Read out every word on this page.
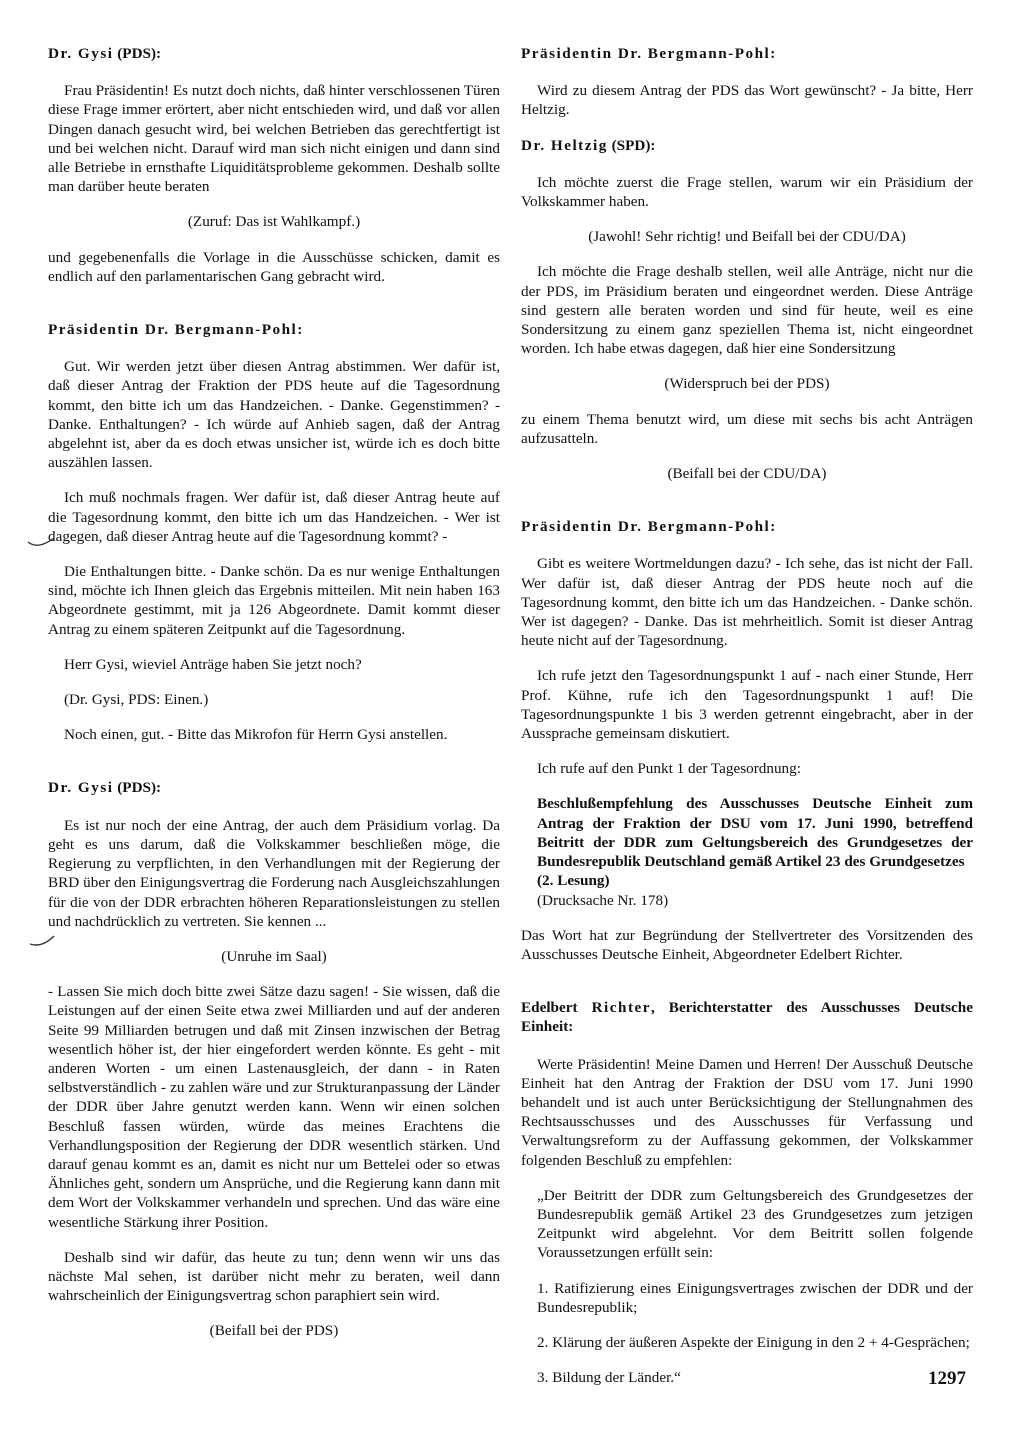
Dr. Gysi (PDS):
Frau Präsidentin! Es nutzt doch nichts, daß hinter verschlossenen Türen diese Frage immer erörtert, aber nicht entschieden wird, und daß vor allen Dingen danach gesucht wird, bei welchen Betrieben das gerechtfertigt ist und bei welchen nicht. Darauf wird man sich nicht einigen und dann sind alle Betriebe in ernsthafte Liquiditätsprobleme gekommen. Deshalb sollte man darüber heute beraten
(Zuruf: Das ist Wahlkampf.)
und gegebenenfalls die Vorlage in die Ausschüsse schicken, damit es endlich auf den parlamentarischen Gang gebracht wird.
Präsidentin Dr. Bergmann-Pohl:
Gut. Wir werden jetzt über diesen Antrag abstimmen. Wer dafür ist, daß dieser Antrag der Fraktion der PDS heute auf die Tagesordnung kommt, den bitte ich um das Handzeichen. - Danke. Gegenstimmen? - Danke. Enthaltungen? - Ich würde auf Anhieb sagen, daß der Antrag abgelehnt ist, aber da es doch etwas unsicher ist, würde ich es doch bitte auszählen lassen.
Ich muß nochmals fragen. Wer dafür ist, daß dieser Antrag heute auf die Tagesordnung kommt, den bitte ich um das Handzeichen. - Wer ist dagegen, daß dieser Antrag heute auf die Tagesordnung kommt? -
Die Enthaltungen bitte. - Danke schön. Da es nur wenige Enthaltungen sind, möchte ich Ihnen gleich das Ergebnis mitteilen. Mit nein haben 163 Abgeordnete gestimmt, mit ja 126 Abgeordnete. Damit kommt dieser Antrag zu einem späteren Zeitpunkt auf die Tagesordnung.
Herr Gysi, wieviel Anträge haben Sie jetzt noch?
(Dr. Gysi, PDS: Einen.)
Noch einen, gut. - Bitte das Mikrofon für Herrn Gysi anstellen.
Dr. Gysi (PDS):
Es ist nur noch der eine Antrag, der auch dem Präsidium vorlag. Da geht es uns darum, daß die Volkskammer beschließen möge, die Regierung zu verpflichten, in den Verhandlungen mit der Regierung der BRD über den Einigungsvertrag die Forderung nach Ausgleichszahlungen für die von der DDR erbrachten höheren Reparationsleistungen zu stellen und nachdrücklich zu vertreten. Sie kennen ...
(Unruhe im Saal)
- Lassen Sie mich doch bitte zwei Sätze dazu sagen! - Sie wissen, daß die Leistungen auf der einen Seite etwa zwei Milliarden und auf der anderen Seite 99 Milliarden betrugen und daß mit Zinsen inzwischen der Betrag wesentlich höher ist, der hier eingefordert werden könnte. Es geht - mit anderen Worten - um einen Lastenausgleich, der dann - in Raten selbstverständlich - zu zahlen wäre und zur Strukturanpassung der Länder der DDR über Jahre genutzt werden kann. Wenn wir einen solchen Beschluß fassen würden, würde das meines Erachtens die Verhandlungsposition der Regierung der DDR wesentlich stärken. Und darauf genau kommt es an, damit es nicht nur um Bettelei oder so etwas Ähnliches geht, sondern um Ansprüche, und die Regierung kann dann mit dem Wort der Volkskammer verhandeln und sprechen. Und das wäre eine wesentliche Stärkung ihrer Position.
Deshalb sind wir dafür, das heute zu tun; denn wenn wir uns das nächste Mal sehen, ist darüber nicht mehr zu beraten, weil dann wahrscheinlich der Einigungsvertrag schon paraphiert sein wird.
(Beifall bei der PDS)
Präsidentin Dr. Bergmann-Pohl:
Wird zu diesem Antrag der PDS das Wort gewünscht? - Ja bitte, Herr Heltzig.
Dr. Heltzig (SPD):
Ich möchte zuerst die Frage stellen, warum wir ein Präsidium der Volkskammer haben.
(Jawohl! Sehr richtig! und Beifall bei der CDU/DA)
Ich möchte die Frage deshalb stellen, weil alle Anträge, nicht nur die der PDS, im Präsidium beraten und eingeordnet werden. Diese Anträge sind gestern alle beraten worden und sind für heute, weil es eine Sondersitzung zu einem ganz speziellen Thema ist, nicht eingeordnet worden. Ich habe etwas dagegen, daß hier eine Sondersitzung
(Widerspruch bei der PDS)
zu einem Thema benutzt wird, um diese mit sechs bis acht Anträgen aufzusatteln.
(Beifall bei der CDU/DA)
Präsidentin Dr. Bergmann-Pohl:
Gibt es weitere Wortmeldungen dazu? - Ich sehe, das ist nicht der Fall. Wer dafür ist, daß dieser Antrag der PDS heute noch auf die Tagesordnung kommt, den bitte ich um das Handzeichen. - Danke schön. Wer ist dagegen? - Danke. Das ist mehrheitlich. Somit ist dieser Antrag heute nicht auf der Tagesordnung.
Ich rufe jetzt den Tagesordnungspunkt 1 auf - nach einer Stunde, Herr Prof. Kühne, rufe ich den Tagesordnungspunkt 1 auf! Die Tagesordnungspunkte 1 bis 3 werden getrennt eingebracht, aber in der Aussprache gemeinsam diskutiert.
Ich rufe auf den Punkt 1 der Tagesordnung:
Beschlußempfehlung des Ausschusses Deutsche Einheit zum Antrag der Fraktion der DSU vom 17. Juni 1990, betreffend Beitritt der DDR zum Geltungsbereich des Grundgesetzes der Bundesrepublik Deutschland gemäß Artikel 23 des Grundgesetzes
(2. Lesung)
(Drucksache Nr. 178)
Das Wort hat zur Begründung der Stellvertreter des Vorsitzenden des Ausschusses Deutsche Einheit, Abgeordneter Edelbert Richter.
Edelbert Richter, Berichterstatter des Ausschusses Deutsche Einheit:
Werte Präsidentin! Meine Damen und Herren! Der Ausschuß Deutsche Einheit hat den Antrag der Fraktion der DSU vom 17. Juni 1990 behandelt und ist auch unter Berücksichtigung der Stellungnahmen des Rechtsausschusses und des Ausschusses für Verfassung und Verwaltungsreform zu der Auffassung gekommen, der Volkskammer folgenden Beschluß zu empfehlen:
„Der Beitritt der DDR zum Geltungsbereich des Grundgesetzes der Bundesrepublik gemäß Artikel 23 des Grundgesetzes zum jetzigen Zeitpunkt wird abgelehnt. Vor dem Beitritt sollen folgende Voraussetzungen erfüllt sein:
1. Ratifizierung eines Einigungsvertrages zwischen der DDR und der Bundesrepublik;
2. Klärung der äußeren Aspekte der Einigung in den 2 + 4-Gesprächen;
3. Bildung der Länder.“	1297
